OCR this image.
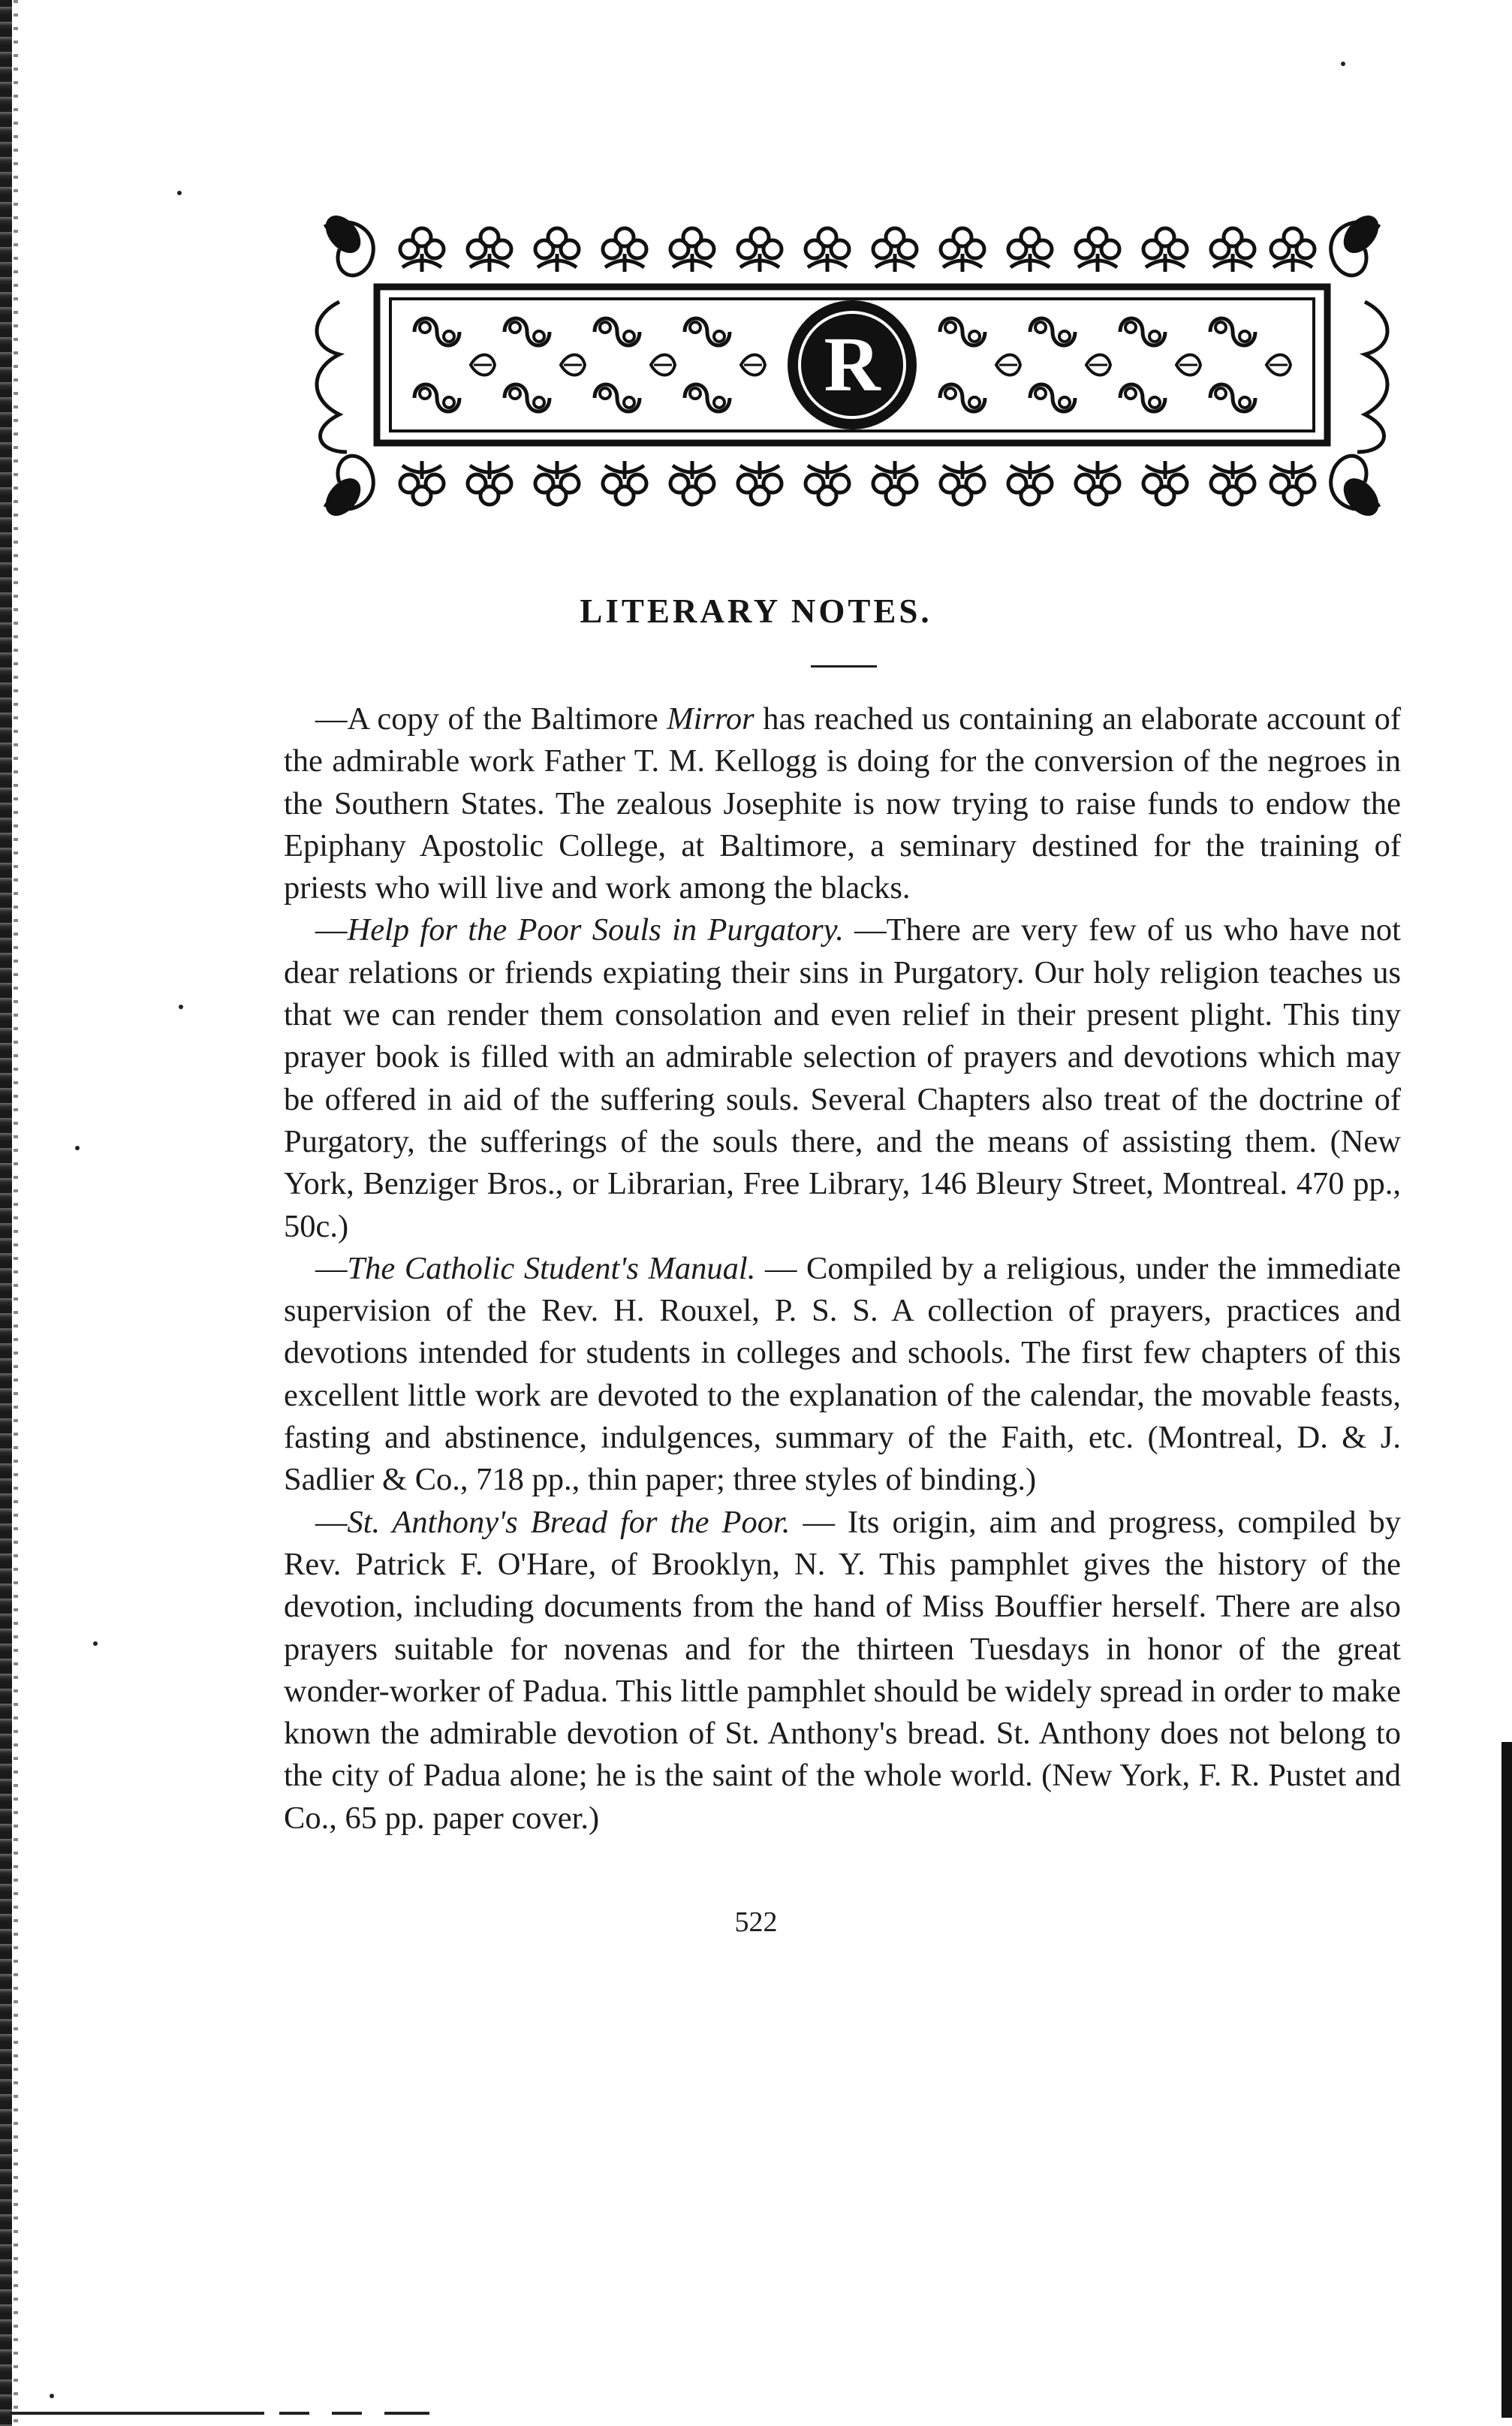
R
LITERARY NOTES.

—A copy of the Baltimore Mirror has reached us containing an elaborate account of the admirable work Father T. M. Kellogg is doing for the conversion of the negroes in the Southern States. The zealous Josephite is now trying to raise funds to endow the Epiphany Apostolic College, at Baltimore, a seminary destined for the training of priests who will live and work among the blacks.

—Help for the Poor Souls in Purgatory. —There are very few of us who have not dear relations or friends expiating their sins in Purgatory. Our holy religion teaches us that we can render them consolation and even relief in their present plight. This tiny prayer book is filled with an admirable selection of prayers and devotions which may be offered in aid of the suffering souls. Several Chapters also treat of the doctrine of Purgatory, the sufferings of the souls there, and the means of assisting them. (New York, Benziger Bros., or Librarian, Free Library, 146 Bleury Street, Montreal. 470 pp., 50c.)

—The Catholic Student's Manual. — Compiled by a religious, under the immediate supervision of the Rev. H. Rouxel, P. S. S. A collection of prayers, practices and devotions intended for students in colleges and schools. The first few chapters of this excellent little work are devoted to the explanation of the calendar, the movable feasts, fasting and abstinence, indulgences, summary of the Faith, etc. (Montreal, D. & J. Sadlier & Co., 718 pp., thin paper; three styles of binding.)

—St. Anthony's Bread for the Poor. — Its origin, aim and progress, compiled by Rev. Patrick F. O'Hare, of Brooklyn, N. Y. This pamphlet gives the history of the devotion, including documents from the hand of Miss Bouffier herself. There are also prayers suitable for novenas and for the thirteen Tuesdays in honor of the great wonder-worker of Padua. This little pamphlet should be widely spread in order to make known the admirable devotion of St. Anthony's bread. St. Anthony does not belong to the city of Padua alone; he is the saint of the whole world. (New York, F. R. Pustet and Co., 65 pp. paper cover.)

522
